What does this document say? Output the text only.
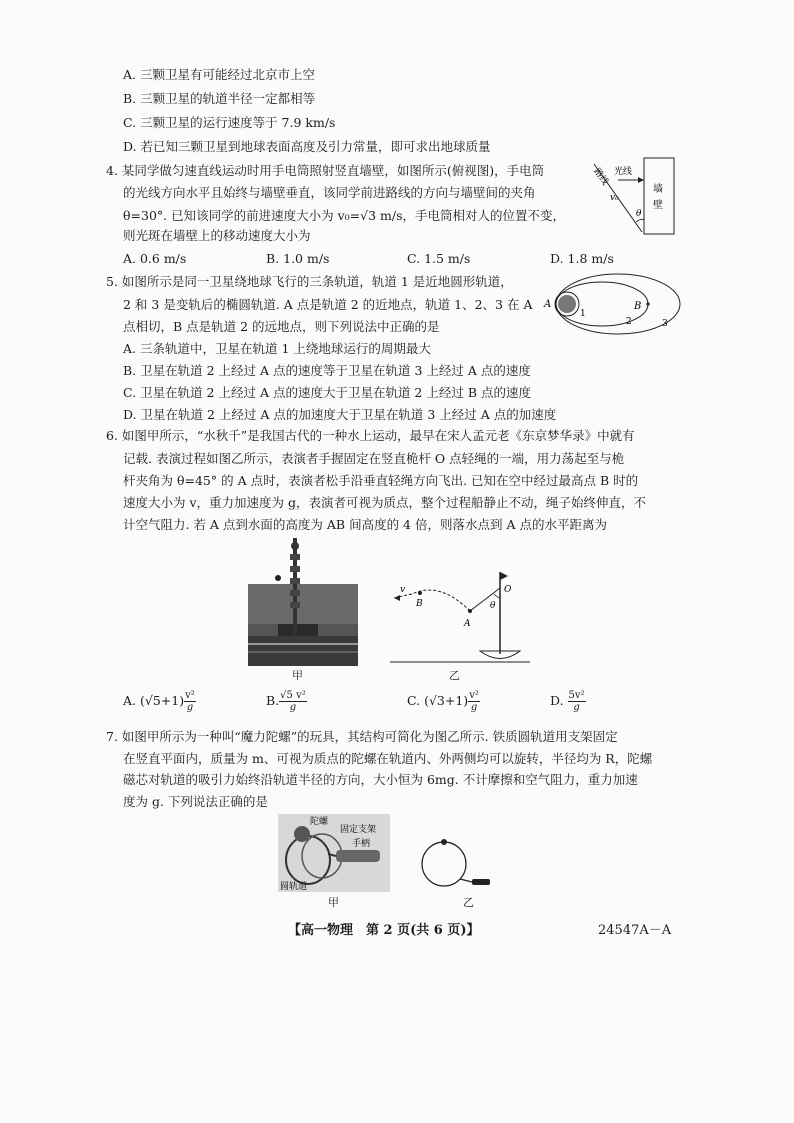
A. 三颗卫星有可能经过北京市上空
B. 三颗卫星的轨道半径一定都相等
C. 三颗卫星的运行速度等于 7.9 km/s
D. 若已知三颗卫星到地球表面高度及引力常量，即可求出地球质量
4. 某同学做匀速直线运动时用手电筒照射竖直墙壁，如图所示(俯视图)，手电筒
的光线方向水平且始终与墙壁垂直，该同学前进路线的方向与墙壁间的夹角
θ=30°. 已知该同学的前进速度大小为 v₀=√3 m/s，手电筒相对人的位置不变，
则光斑在墙壁上的移动速度大小为
A. 0.6 m/s	B. 1.0 m/s	C. 1.5 m/s	D. 1.8 m/s
光线
路线
v₀
θ
墙
壁
5. 如图所示是同一卫星绕地球飞行的三条轨道，轨道 1 是近地圆形轨道，
2 和 3 是变轨后的椭圆轨道. A 点是轨道 2 的近地点，轨道 1、2、3 在 A
点相切，B 点是轨道 2 的远地点，则下列说法中正确的是
A. 三条轨道中，卫星在轨道 1 上绕地球运行的周期最大
B. 卫星在轨道 2 上经过 A 点的速度等于卫星在轨道 3 上经过 A 点的速度
C. 卫星在轨道 2 上经过 A 点的速度大于卫星在轨道 2 上经过 B 点的速度
D. 卫星在轨道 2 上经过 A 点的加速度大于卫星在轨道 3 上经过 A 点的加速度
A	B
1
2	3
6. 如图甲所示，“水秋千”是我国古代的一种水上运动，最早在宋人孟元老《东京梦华录》中就有
记载. 表演过程如图乙所示，表演者手握固定在竖直桅杆 O 点轻绳的一端，用力荡起至与桅
杆夹角为 θ=45° 的 A 点时，表演者松手沿垂直轻绳方向飞出. 已知在空中经过最高点 B 时的
速度大小为 v，重力加速度为 g，表演者可视为质点，整个过程船静止不动，绳子始终伸直，不
计空气阻力. 若 A 点到水面的高度为 AB 间高度的 4 倍，则落水点到 A 点的水平距离为
甲
v
B
A
O
θ
乙
A. $(√5+1) \frac{\text{v²}}{g}$	B. $\frac{\text{√5 v²}}{g}$	C. $(√3+1) \frac{\text{v²}}{g}$	D. $\frac{\text{5v²}}{g}$
7. 如图甲所示为一种叫“魔力陀螺”的玩具，其结构可简化为图乙所示. 铁质圆轨道用支架固定
在竖直平面内，质量为 m、可视为质点的陀螺在轨道内、外两侧均可以旋转，半径均为 R，陀螺
磁芯对轨道的吸引力始终沿轨道半径的方向，大小恒为 6mg. 不计摩擦和空气阻力，重力加速
度为 g. 下列说法正确的是
陀螺
固定支架
手柄
圆轨道
甲	乙
【高一物理　第 2 页(共 6 页)】	24547A－A
